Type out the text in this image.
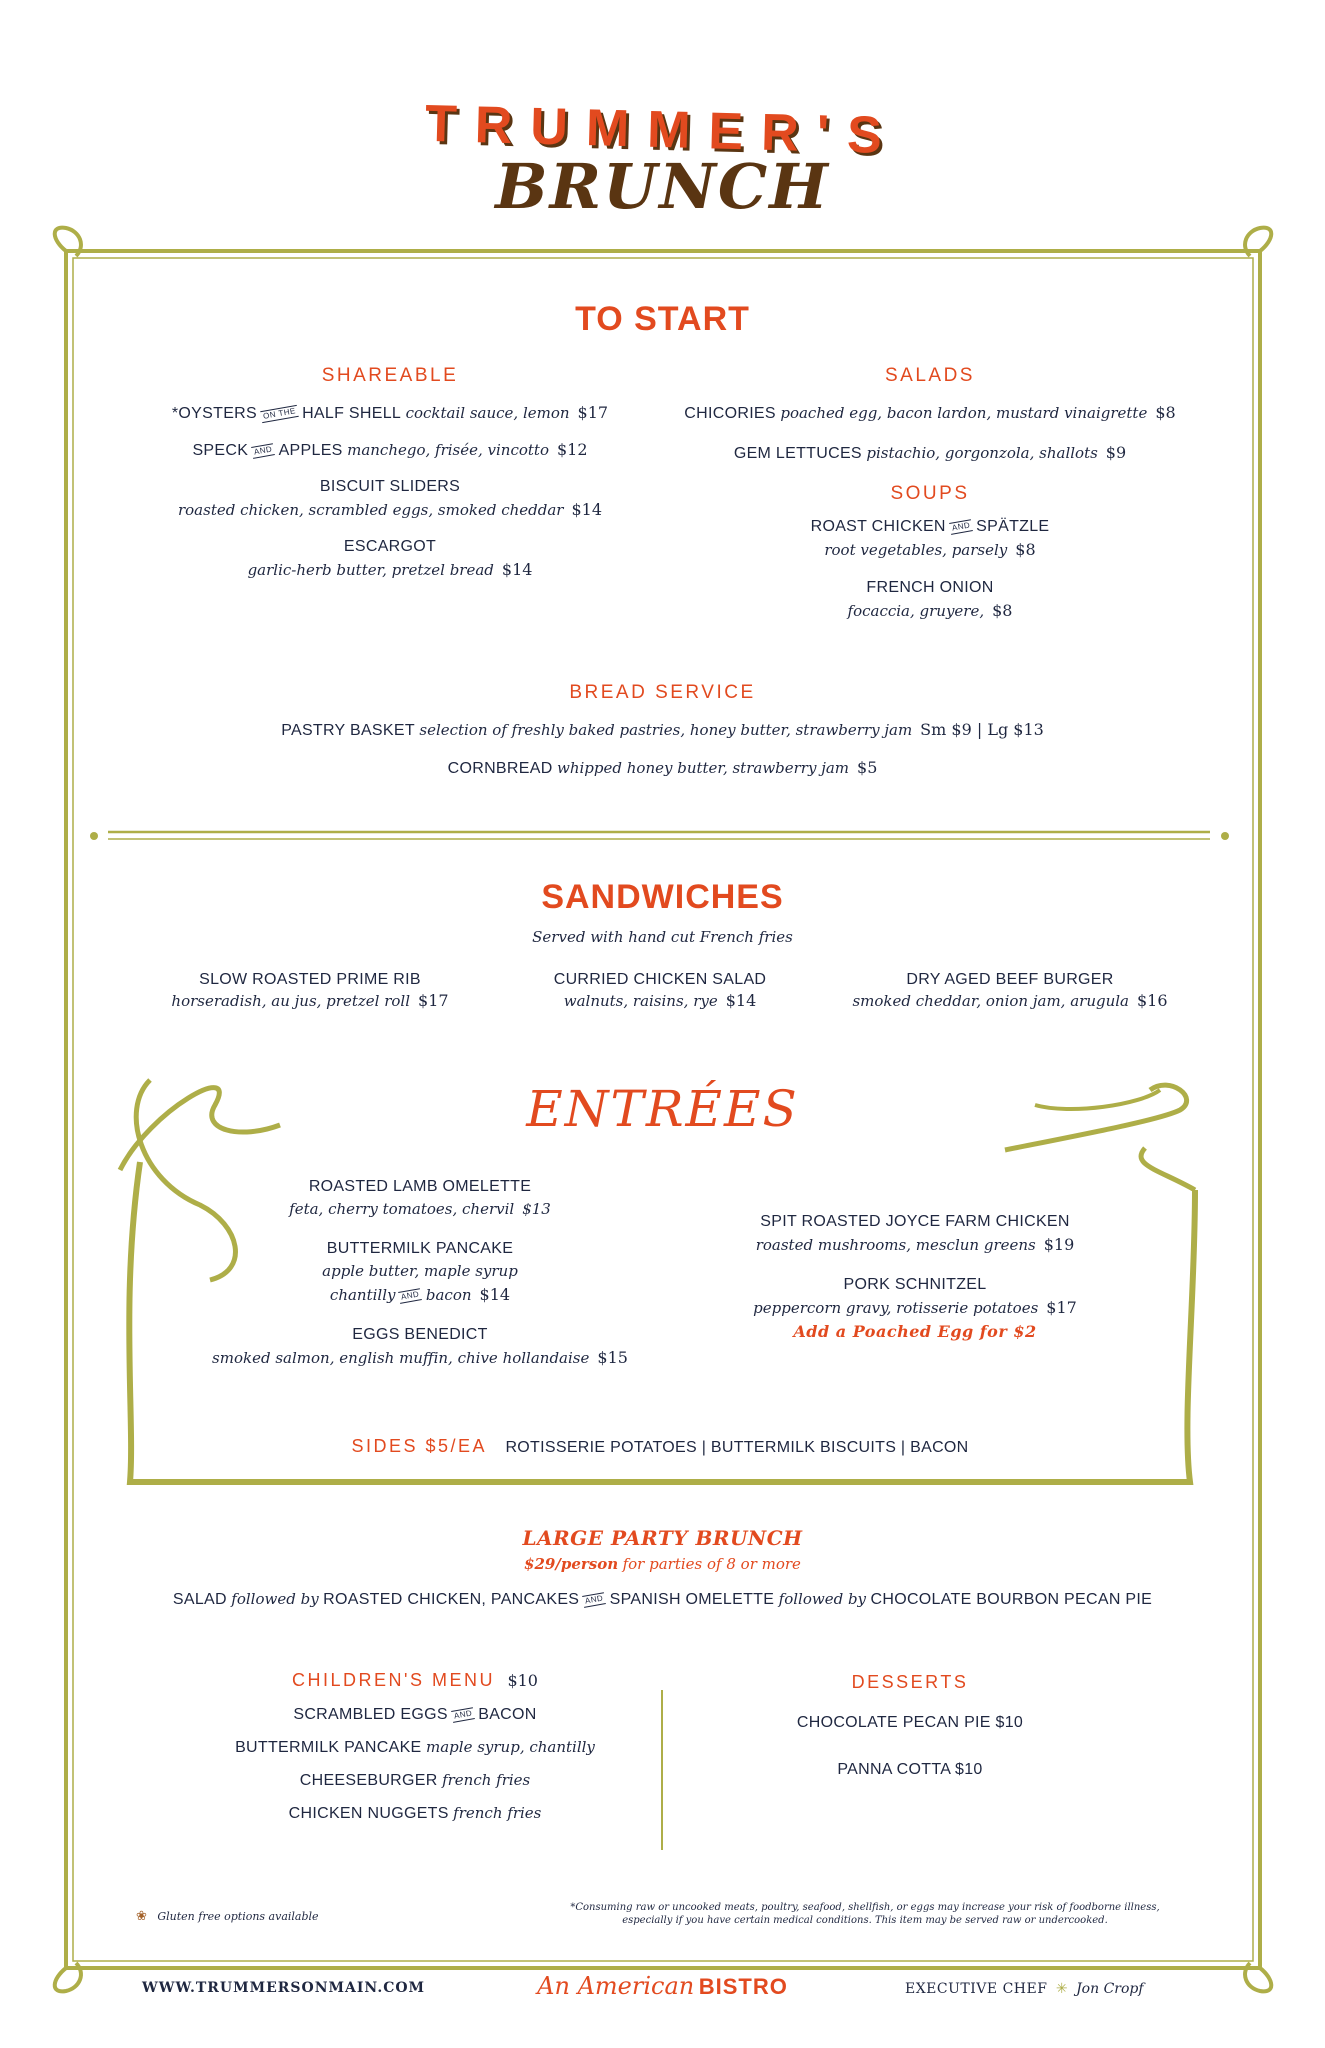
TRUMMER'S
BRUNCH
TO START
SHAREABLE
*OYSTERS ON THE HALF SHELL cocktail sauce, lemon $17
SPECK AND APPLES manchego, frisée, vincotto $12
BISCUIT SLIDERS
roasted chicken, scrambled eggs, smoked cheddar $14
ESCARGOT
garlic-herb butter, pretzel bread $14
SALADS
CHICORIES poached egg, bacon lardon, mustard vinaigrette $8
GEM LETTUCES pistachio, gorgonzola, shallots $9
SOUPS
ROAST CHICKEN AND SPÄTZLE
root vegetables, parsely $8
FRENCH ONION
focaccia, gruyere, $8
BREAD SERVICE
PASTRY BASKET selection of freshly baked pastries, honey butter, strawberry jam Sm $9 | Lg $13
CORNBREAD whipped honey butter, strawberry jam $5
SANDWICHES
Served with hand cut French fries
SLOW ROASTED PRIME RIB
horseradish, au jus, pretzel roll $17
CURRIED CHICKEN SALAD
walnuts, raisins, rye $14
DRY AGED BEEF BURGER
smoked cheddar, onion jam, arugula $16
ENTRÉES
ROASTED LAMB OMELETTE
feta, cherry tomatoes, chervil $13
BUTTERMILK PANCAKE
apple butter, maple syrup
chantilly AND bacon $14
EGGS BENEDICT
smoked salmon, english muffin, chive hollandaise $15
SPIT ROASTED JOYCE FARM CHICKEN
roasted mushrooms, mesclun greens $19
PORK SCHNITZEL
peppercorn gravy, rotisserie potatoes $17
Add a Poached Egg for $2
SIDES $5/EA ROTISSERIE POTATOES | BUTTERMILK BISCUITS | BACON
LARGE PARTY BRUNCH
$29/person for parties of 8 or more
SALAD followed by ROASTED CHICKEN, PANCAKES AND SPANISH OMELETTE followed by CHOCOLATE BOURBON PECAN PIE
CHILDREN'S MENU $10
SCRAMBLED EGGS AND BACON
BUTTERMILK PANCAKE maple syrup, chantilly
CHEESEBURGER french fries
CHICKEN NUGGETS french fries
DESSERTS
CHOCOLATE PECAN PIE $10
PANNA COTTA $10
❀ Gluten free options available
*Consuming raw or uncooked meats, poultry, seafood, shellfish, or eggs may increase your risk of foodborne illness,
especially if you have certain medical conditions. This item may be served raw or undercooked.
WWW.TRUMMERSONMAIN.COM	An American BISTRO	EXECUTIVE CHEF ✳ Jon Cropf
